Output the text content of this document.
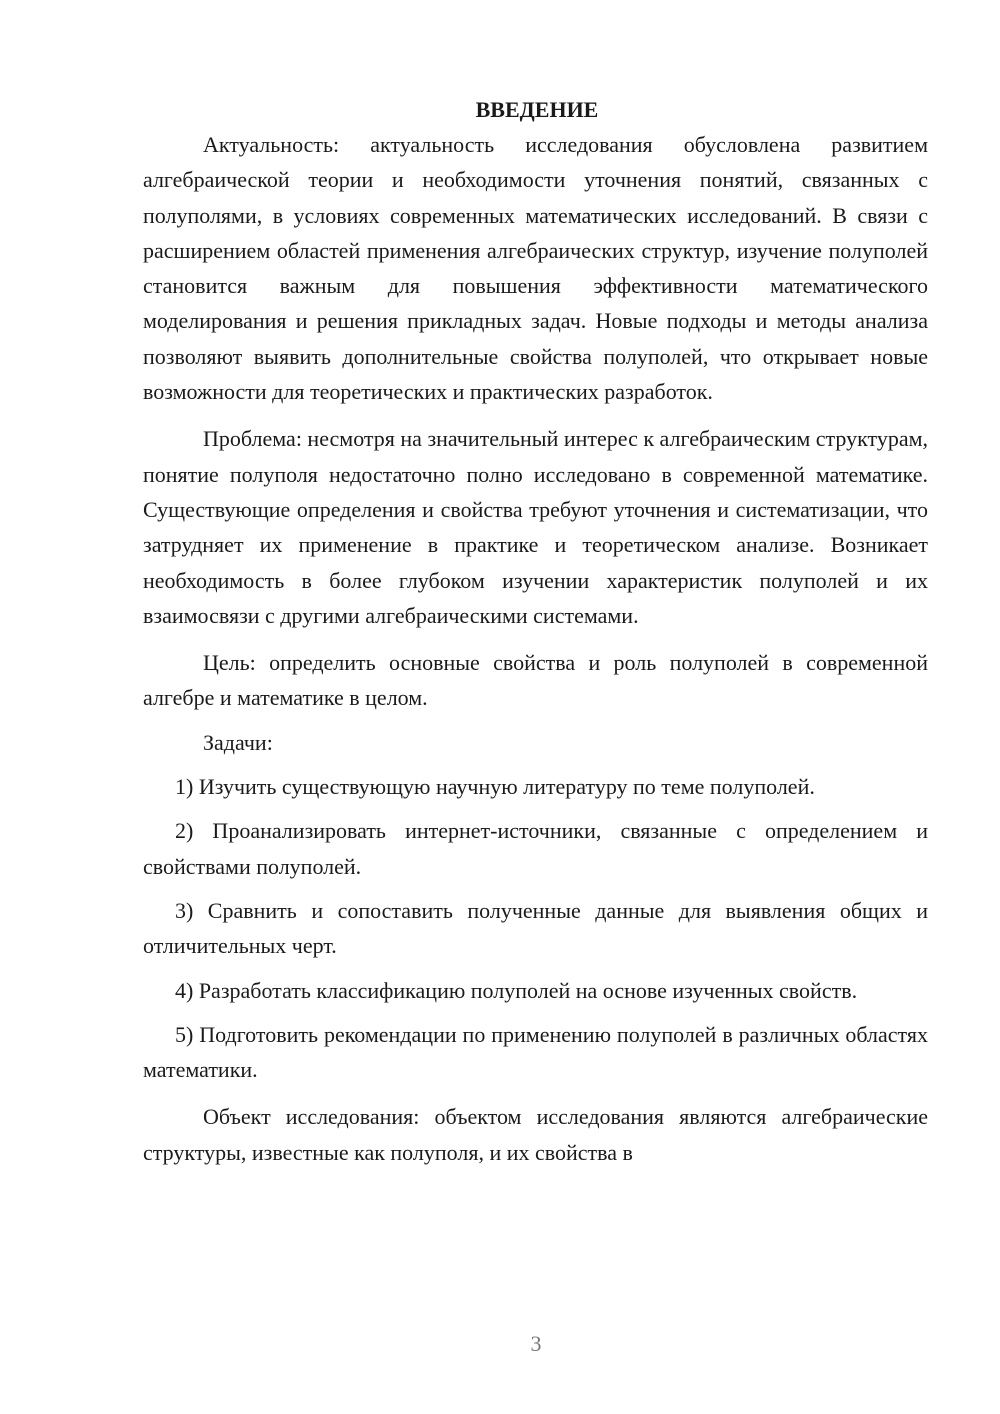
ВВЕДЕНИЕ

Актуальность: актуальность исследования обусловлена развитием алгебраической теории и необходимости уточнения понятий, связанных с полуполями, в условиях современных математических исследований. В связи с расширением областей применения алгебраических структур, изучение полуполей становится важным для повышения эффективности математического моделирования и решения прикладных задач. Новые подходы и методы анализа позволяют выявить дополнительные свойства полуполей, что открывает новые возможности для теоретических и практических разработок.

Проблема: несмотря на значительный интерес к алгебраическим структурам, понятие полуполя недостаточно полно исследовано в современной математике. Существующие определения и свойства требуют уточнения и систематизации, что затрудняет их применение в практике и теоретическом анализе. Возникает необходимость в более глубоком изучении характеристик полуполей и их взаимосвязи с другими алгебраическими системами.

Цель: определить основные свойства и роль полуполей в современной алгебре и математике в целом.

Задачи:

1) Изучить существующую научную литературу по теме полуполей.

2) Проанализировать интернет-источники, связанные с определением и свойствами полуполей.

3) Сравнить и сопоставить полученные данные для выявления общих и отличительных черт.

4) Разработать классификацию полуполей на основе изученных свойств.

5) Подготовить рекомендации по применению полуполей в различных областях математики.

Объект исследования: объектом исследования являются алгебраические структуры, известные как полуполя, и их свойства в

3
